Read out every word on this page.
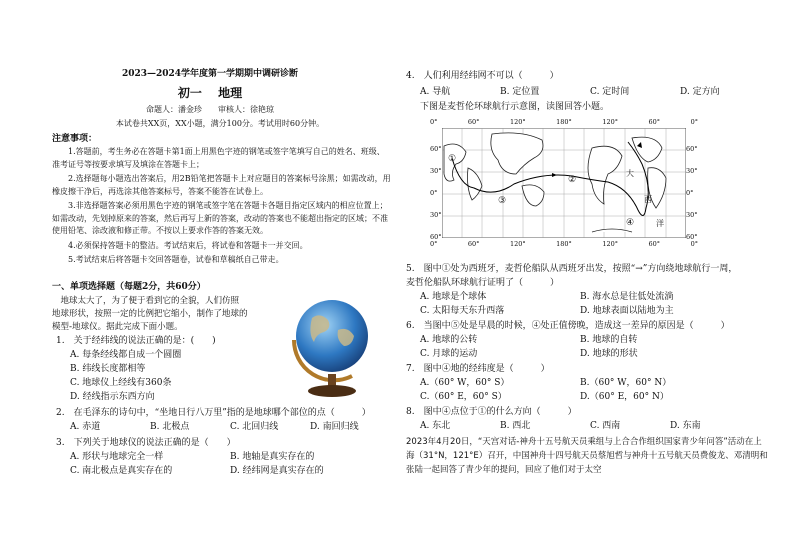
2023—2024学年度第一学期期中调研诊断
初一　 地理
命题人：潘金珍　　审核人：徐艳琼
本试卷共XX页，XX小题，满分100分。考试用时60分钟。
注意事项：
1.答题前，考生务必在答题卡第1面上用黑色字迹的钢笔或签字笔填写自己的姓名、班级、准考证号等按要求填写及填涂在答题卡上；
2.选择题每小题选出答案后，用2B铅笔把答题卡上对应题目的答案标号涂黑；如需改动，用橡皮擦干净后，再选涂其他答案标号，答案不能答在试卷上。
3.非选择题答案必须用黑色字迹的钢笔或签字笔在答题卡各题目指定区域内的相应位置上；如需改动，先划掉原来的答案，然后再写上新的答案，改动的答案也不能超出指定的区域；不准使用铅笔、涂改液和修正带。不按以上要求作答的答案无效。
4.必须保持答题卡的整洁。考试结束后，将试卷和答题卡一并交回。
5.考试结束后将答题卡交回答题卷，试卷和草稿纸自己带走。
一、单项选择题（每题2分，共60分）
　地球太大了，为了便于看到它的全貌，人们仿照
地球形状，按照一定的比例把它缩小，制作了地球的
模型-地球仪。据此完成下面小题。
1.　关于经纬线的说法正确的是：(　　)
A. 每条经线都自成一个圆圈
B. 纬线长度都相等
C. 地球仪上经线有360条
D. 经线指示东西方向
2.　在毛泽东的诗句中，“坐地日行八万里”指的是地球哪个部位的点（　　　）
A. 赤道	B. 北极点	C. 北回归线	D. 南回归线
3.　下列关于地球仪的说法正确的是（　　）
A. 形状与地球完全一样	B. 地轴是真实存在的
C. 南北极点是真实存在的	D. 经纬网是真实存在的
4.　人们利用经纬网不可以（　　　）
A. 导航	B. 定位置	C. 定时间	D. 定方向
下图是麦哲伦环球航行示意图，读图回答小题。
0°	60°	120°	180°	120°	60°	0°
0°	60°	120°	180°	120°	60°	0°
60°
30°
0°
30°
60°
60°
30°
0°
30°
60°
①
②
③
④
大
西
洋
5.　图中①处为西班牙，麦哲伦船队从西班牙出发，按照“→”方向绕地球航行一周，麦哲伦船队环球航行证明了（　　　）
A. 地球是个球体	B. 海水总是往低处流淌
C. 太阳每天东升西落	D. 地球表面以陆地为主
6.　当图中⑤处是早晨的时候，④处正值傍晚，造成这一差异的原因是（　　　）
A. 地球的公转	B. 地球的自转
C. 月球的运动	D. 地球的形状
7.　图中④地的经纬度是（　　　）
A.（60° W，60° S）	B.（60° W，60° N）
C.（60° E，60° S）	D.（60° E，60° N）
8.　图中④点位于①的什么方向（　　　）
A. 东北	B. 西北	C. 西南	D. 东南
2023年4月20日，“天宫对话-神舟十五号航天员乘组与上合合作组织国家青少年问答”活动在上海（31°N，121°E）召开，中国神舟十四号航天员蔡旭哲与神舟十五号航天员费俊龙、邓清明和张陆一起回答了青少年的提问，回应了他们对于太空
